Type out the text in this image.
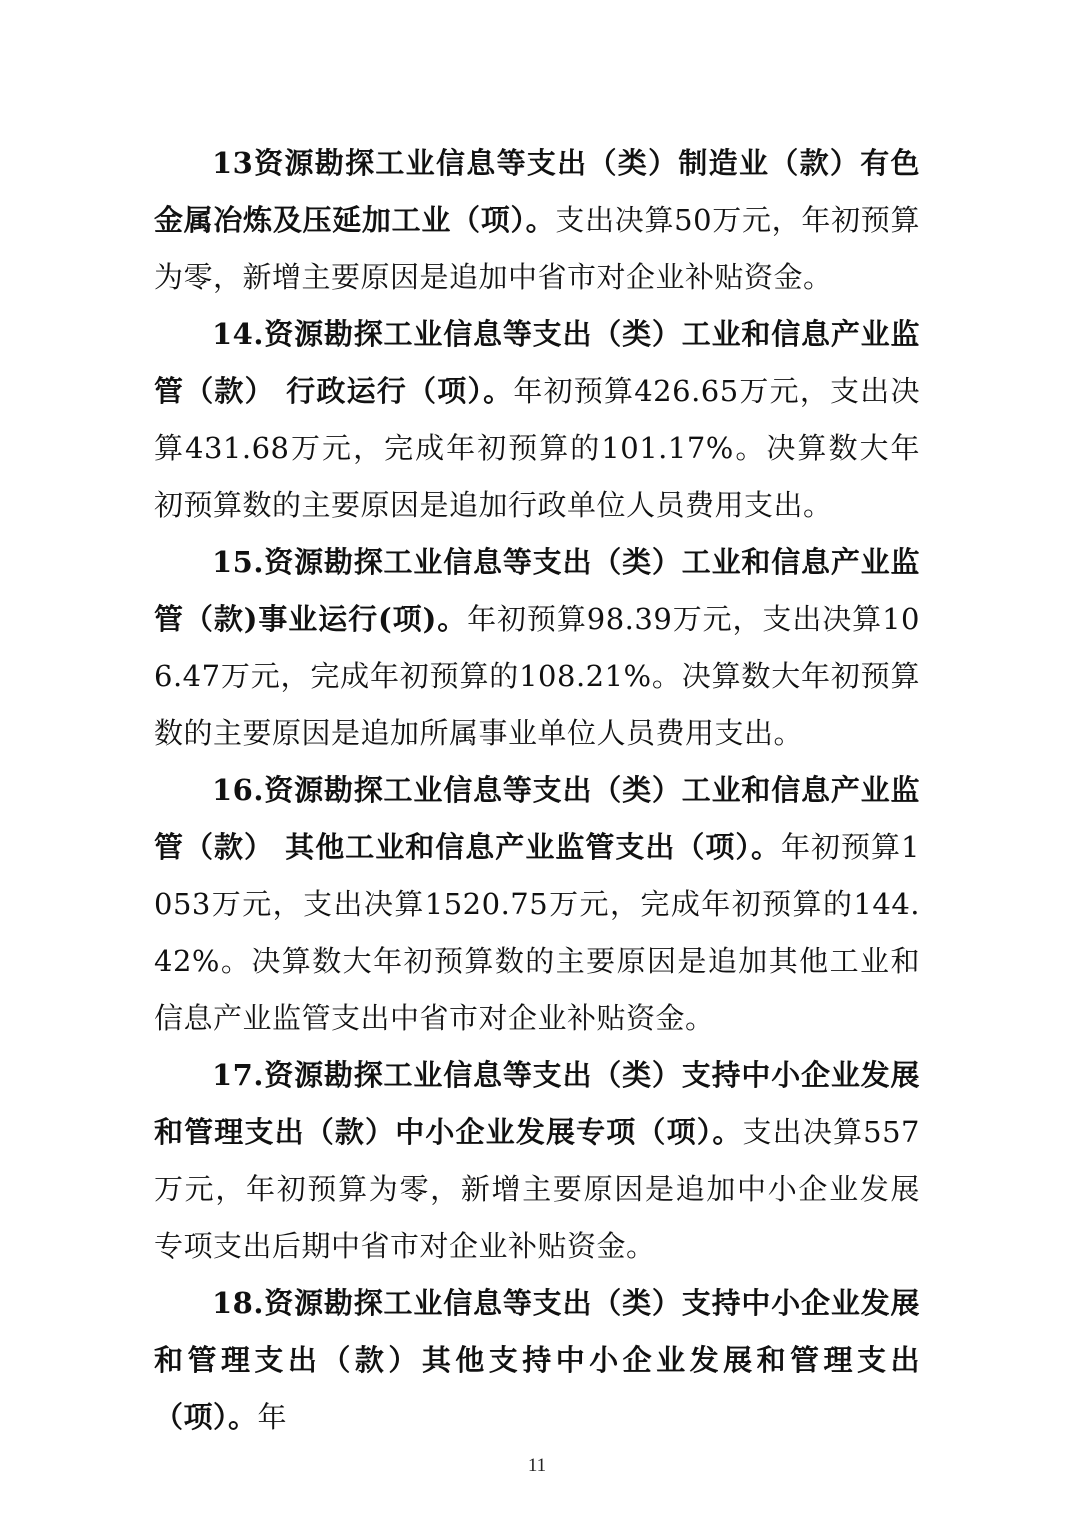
13资源勘探工业信息等支出（类）制造业（款）有色金属冶炼及压延加工业（项）。支出决算50万元，年初预算为零，新增主要原因是追加中省市对企业补贴资金。

14.资源勘探工业信息等支出（类）工业和信息产业监管（款） 行政运行（项）。年初预算426.65万元，支出决算431.68万元，完成年初预算的101.17%。决算数大年初预算数的主要原因是追加行政单位人员费用支出。

15.资源勘探工业信息等支出（类）工业和信息产业监管（款)事业运行(项)。年初预算98.39万元，支出决算106.47万元，完成年初预算的108.21%。决算数大年初预算数的主要原因是追加所属事业单位人员费用支出。

16.资源勘探工业信息等支出（类）工业和信息产业监管（款） 其他工业和信息产业监管支出（项）。年初预算1053万元，支出决算1520.75万元，完成年初预算的144.42%。决算数大年初预算数的主要原因是追加其他工业和信息产业监管支出中省市对企业补贴资金。

17.资源勘探工业信息等支出（类）支持中小企业发展和管理支出（款）中小企业发展专项（项）。支出决算557万元，年初预算为零，新增主要原因是追加中小企业发展专项支出后期中省市对企业补贴资金。

18.资源勘探工业信息等支出（类）支持中小企业发展和管理支出（款）其他支持中小企业发展和管理支出（项）。年

11
